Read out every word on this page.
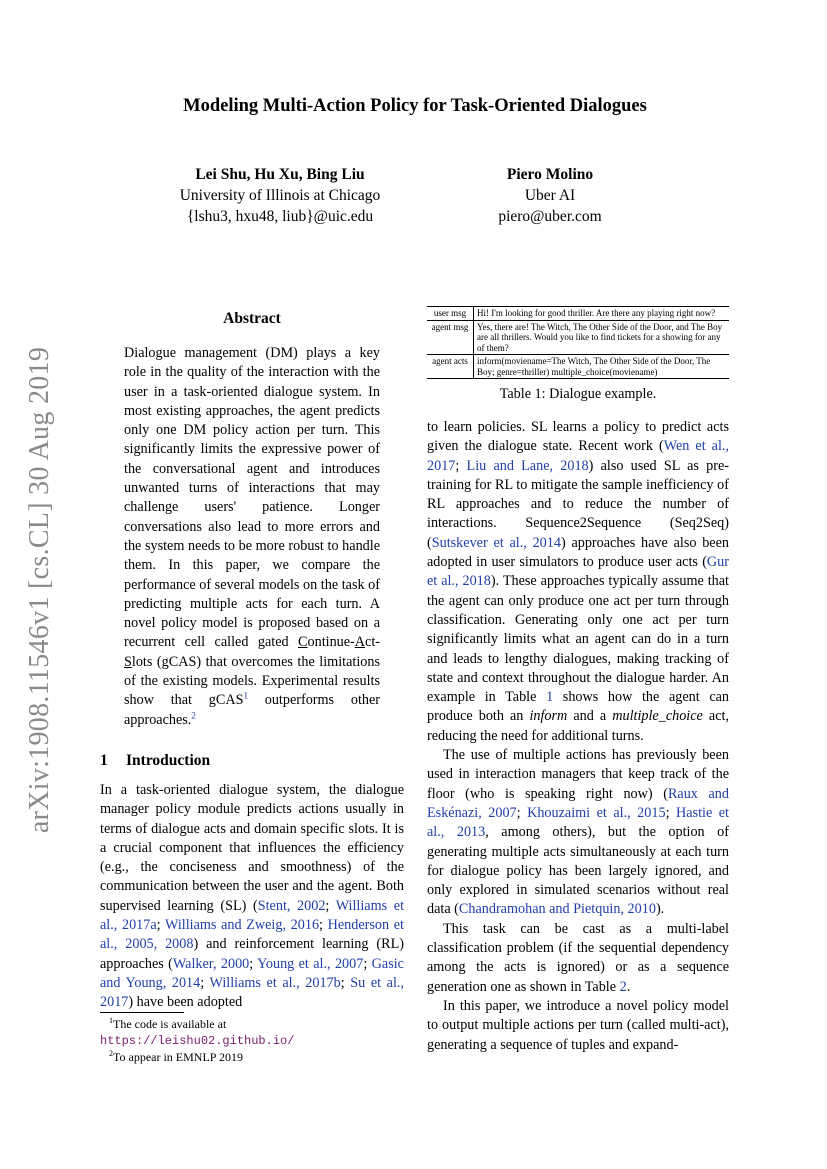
arXiv:1908.11546v1 [cs.CL] 30 Aug 2019
Modeling Multi-Action Policy for Task-Oriented Dialogues
Lei Shu, Hu Xu, Bing Liu
University of Illinois at Chicago
{lshu3, hxu48, liub}@uic.edu
Piero Molino
Uber AI
piero@uber.com
Abstract

Dialogue management (DM) plays a key role in the quality of the interaction with the user in a task-oriented dialogue system. In most existing approaches, the agent predicts only one DM policy action per turn. This significantly limits the expressive power of the conversational agent and introduces unwanted turns of interactions that may challenge users' patience. Longer conversations also lead to more errors and the system needs to be more robust to handle them. In this paper, we compare the performance of several models on the task of predicting multiple acts for each turn. A novel policy model is proposed based on a recurrent cell called gated Continue-Act-Slots (gCAS) that overcomes the limitations of the existing models. Experimental results show that gCAS$^1$ outperforms other approaches.$^2$

1 Introduction

In a task-oriented dialogue system, the dialogue manager policy module predicts actions usually in terms of dialogue acts and domain specific slots. It is a crucial component that influences the efficiency (e.g., the conciseness and smoothness) of the communication between the user and the agent. Both supervised learning (SL) (Stent, 2002; Williams et al., 2017a; Williams and Zweig, 2016; Henderson et al., 2005, 2008) and reinforcement learning (RL) approaches (Walker, 2000; Young et al., 2007; Gasic and Young, 2014; Williams et al., 2017b; Su et al., 2017) have been adopted

$^1$The code is available at https://leishu02.github.io/

$^2$To appear in EMNLP 2019

user msg	Hi! I'm looking for good thriller. Are there any playing right now?
agent msg	Yes, there are! The Witch, The Other Side of the Door, and The Boy are all thrillers. Would you like to find tickets for a showing for any of them?
agent acts	inform(moviename=The Witch, The Other Side of the Door, The Boy; genre=thriller) multiple_choice(moviename)
Table 1: Dialogue example.

to learn policies. SL learns a policy to predict acts given the dialogue state. Recent work (Wen et al., 2017; Liu and Lane, 2018) also used SL as pre-training for RL to mitigate the sample inefficiency of RL approaches and to reduce the number of interactions. Sequence2Sequence (Seq2Seq) (Sutskever et al., 2014) approaches have also been adopted in user simulators to produce user acts (Gur et al., 2018). These approaches typically assume that the agent can only produce one act per turn through classification. Generating only one act per turn significantly limits what an agent can do in a turn and leads to lengthy dialogues, making tracking of state and context throughout the dialogue harder. An example in Table 1 shows how the agent can produce both an inform and a multiple_choice act, reducing the need for additional turns.

The use of multiple actions has previously been used in interaction managers that keep track of the floor (who is speaking right now) (Raux and Eskénazi, 2007; Khouzaimi et al., 2015; Hastie et al., 2013, among others), but the option of generating multiple acts simultaneously at each turn for dialogue policy has been largely ignored, and only explored in simulated scenarios without real data (Chandramohan and Pietquin, 2010).

This task can be cast as a multi-label classification problem (if the sequential dependency among the acts is ignored) or as a sequence generation one as shown in Table 2.

In this paper, we introduce a novel policy model to output multiple actions per turn (called multi-act), generating a sequence of tuples and expand-
